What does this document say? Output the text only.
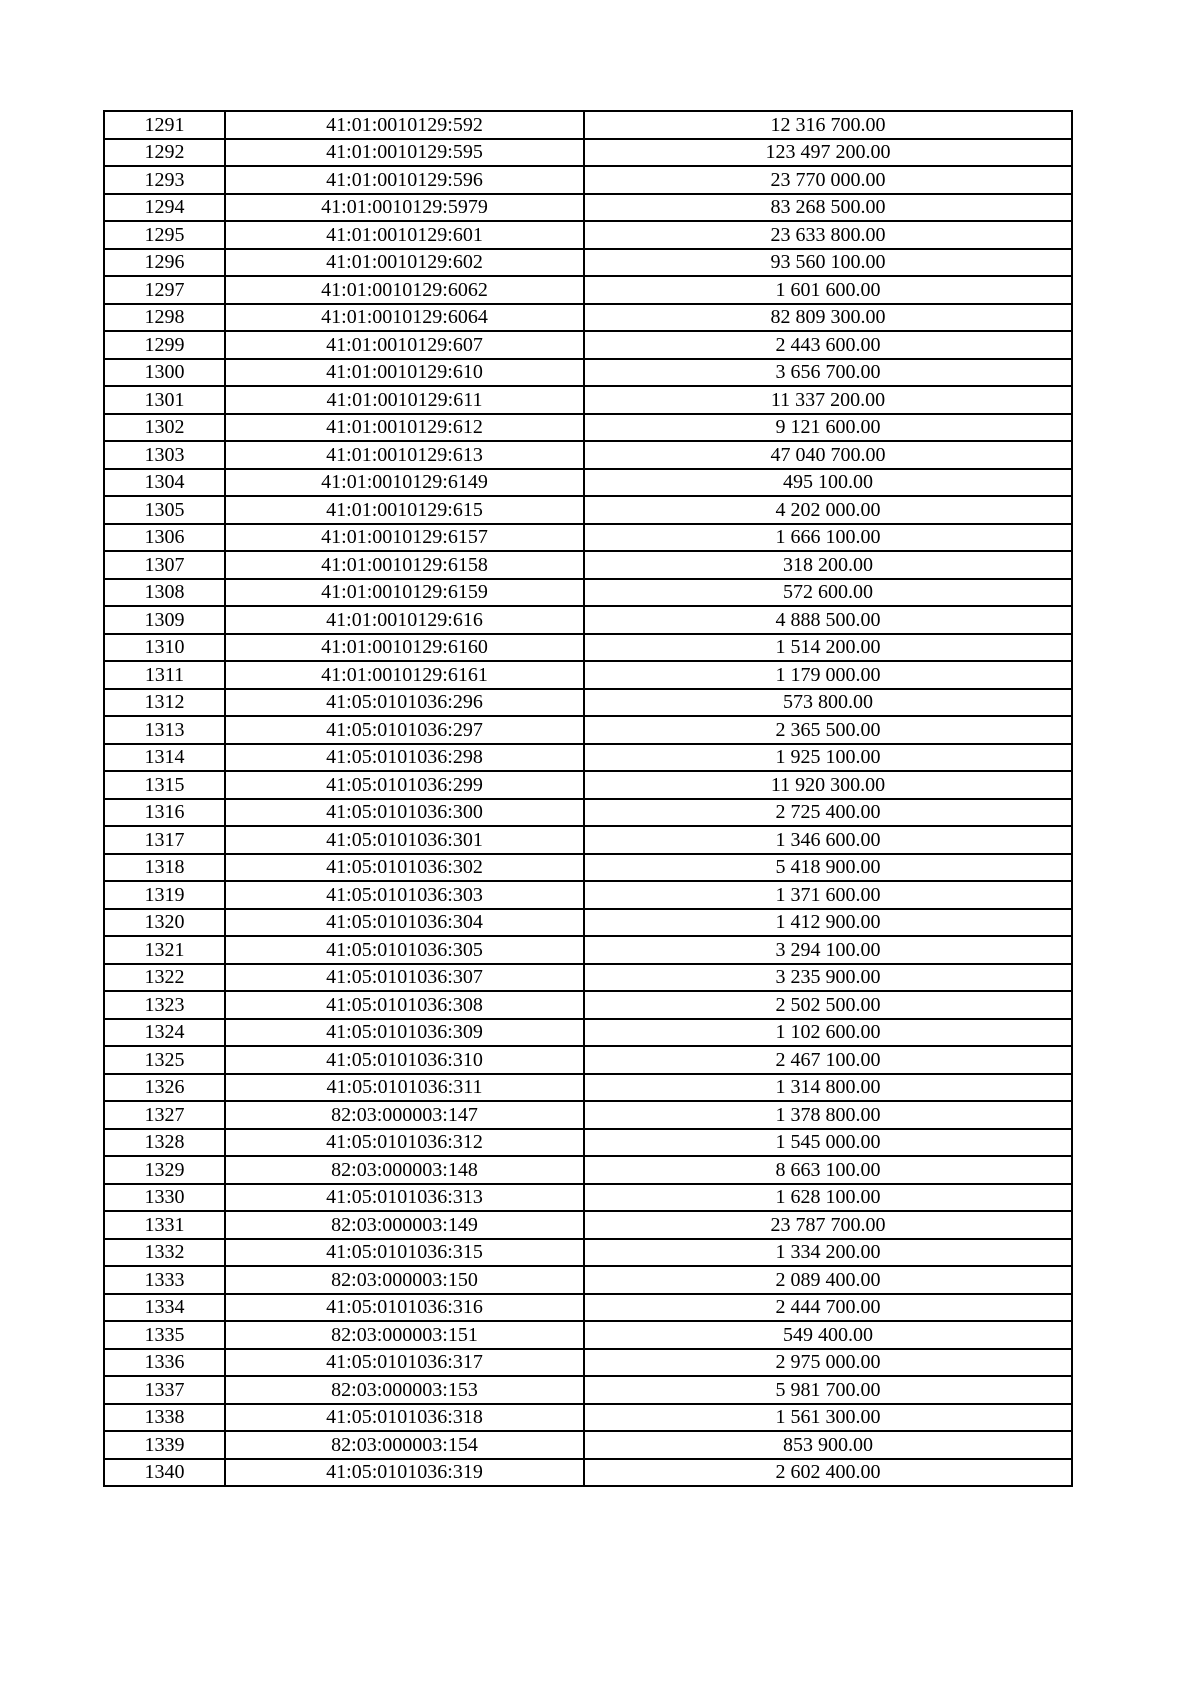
1291	41:01:0010129:592	12 316 700.00
1292	41:01:0010129:595	123 497 200.00
1293	41:01:0010129:596	23 770 000.00
1294	41:01:0010129:5979	83 268 500.00
1295	41:01:0010129:601	23 633 800.00
1296	41:01:0010129:602	93 560 100.00
1297	41:01:0010129:6062	1 601 600.00
1298	41:01:0010129:6064	82 809 300.00
1299	41:01:0010129:607	2 443 600.00
1300	41:01:0010129:610	3 656 700.00
1301	41:01:0010129:611	11 337 200.00
1302	41:01:0010129:612	9 121 600.00
1303	41:01:0010129:613	47 040 700.00
1304	41:01:0010129:6149	495 100.00
1305	41:01:0010129:615	4 202 000.00
1306	41:01:0010129:6157	1 666 100.00
1307	41:01:0010129:6158	318 200.00
1308	41:01:0010129:6159	572 600.00
1309	41:01:0010129:616	4 888 500.00
1310	41:01:0010129:6160	1 514 200.00
1311	41:01:0010129:6161	1 179 000.00
1312	41:05:0101036:296	573 800.00
1313	41:05:0101036:297	2 365 500.00
1314	41:05:0101036:298	1 925 100.00
1315	41:05:0101036:299	11 920 300.00
1316	41:05:0101036:300	2 725 400.00
1317	41:05:0101036:301	1 346 600.00
1318	41:05:0101036:302	5 418 900.00
1319	41:05:0101036:303	1 371 600.00
1320	41:05:0101036:304	1 412 900.00
1321	41:05:0101036:305	3 294 100.00
1322	41:05:0101036:307	3 235 900.00
1323	41:05:0101036:308	2 502 500.00
1324	41:05:0101036:309	1 102 600.00
1325	41:05:0101036:310	2 467 100.00
1326	41:05:0101036:311	1 314 800.00
1327	82:03:000003:147	1 378 800.00
1328	41:05:0101036:312	1 545 000.00
1329	82:03:000003:148	8 663 100.00
1330	41:05:0101036:313	1 628 100.00
1331	82:03:000003:149	23 787 700.00
1332	41:05:0101036:315	1 334 200.00
1333	82:03:000003:150	2 089 400.00
1334	41:05:0101036:316	2 444 700.00
1335	82:03:000003:151	549 400.00
1336	41:05:0101036:317	2 975 000.00
1337	82:03:000003:153	5 981 700.00
1338	41:05:0101036:318	1 561 300.00
1339	82:03:000003:154	853 900.00
1340	41:05:0101036:319	2 602 400.00
